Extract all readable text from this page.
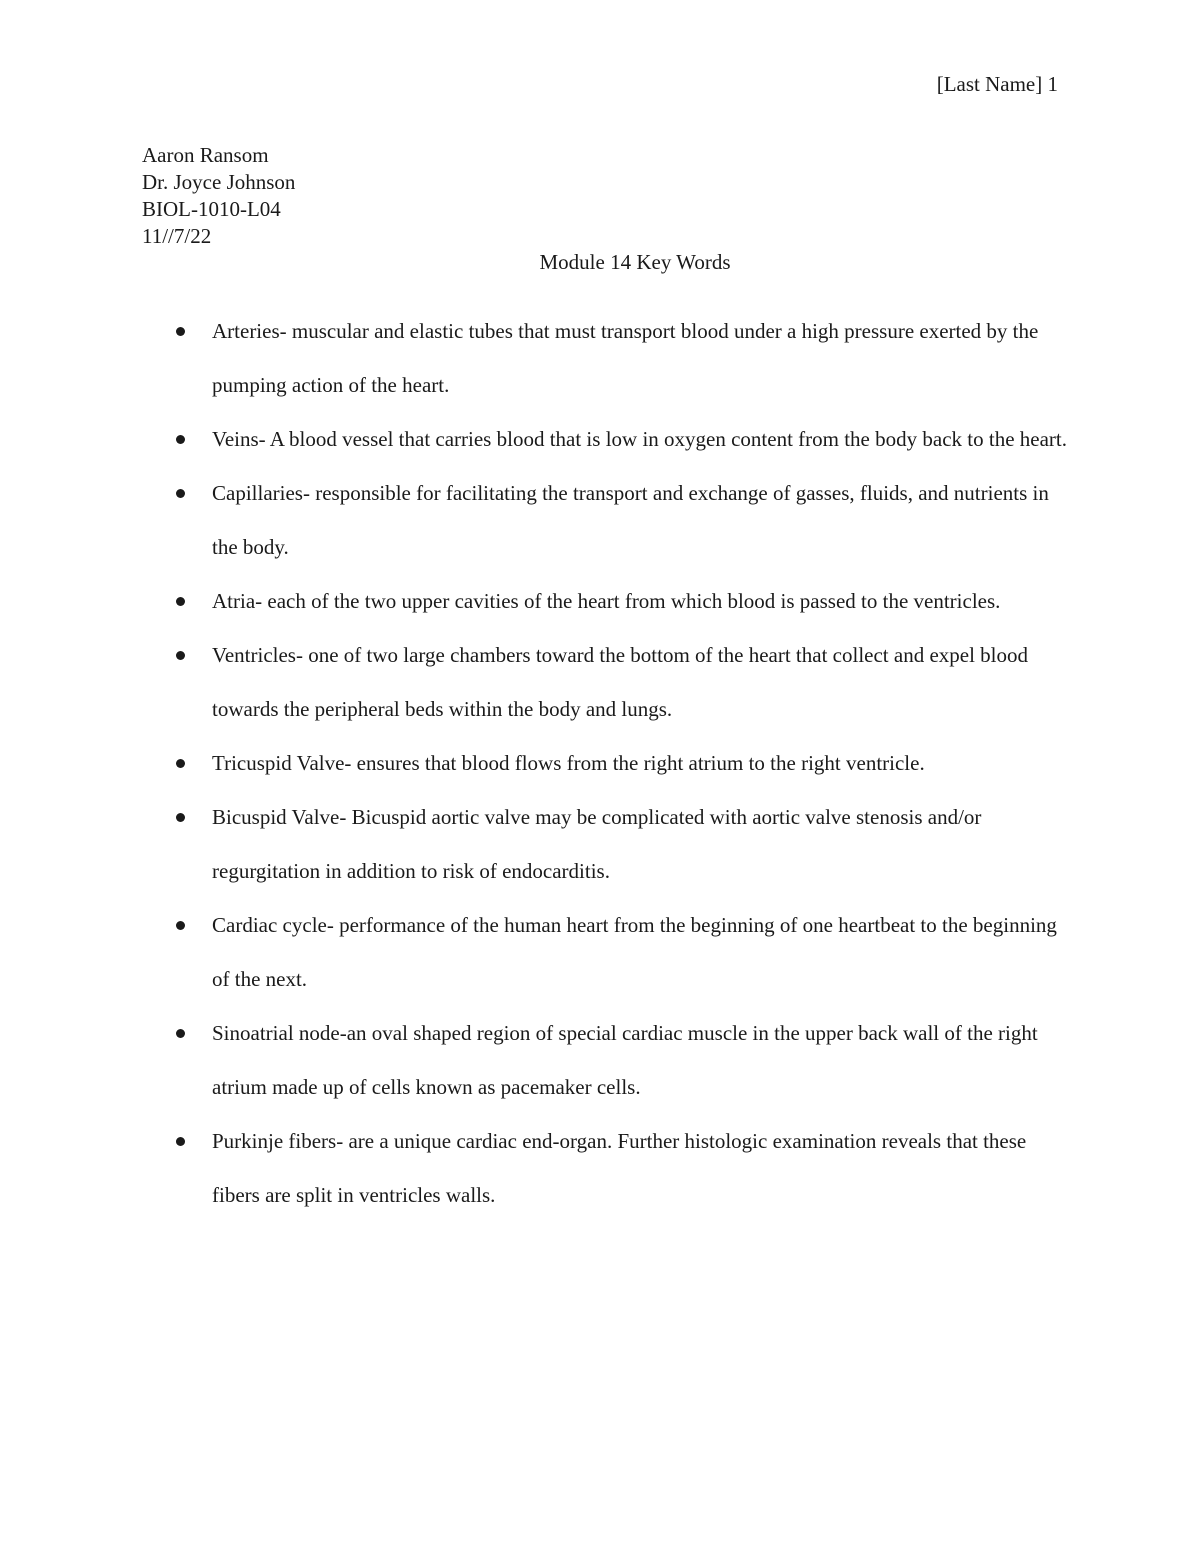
[Last Name] 1
Aaron Ransom
Dr. Joyce Johnson
BIOL-1010-L04
11//7/22
Module 14 Key Words
Arteries- muscular and elastic tubes that must transport blood under a high pressure exerted by the pumping action of the heart.
Veins- A blood vessel that carries blood that is low in oxygen content from the body back to the heart.
Capillaries- responsible for facilitating the transport and exchange of gasses, fluids, and nutrients in the body.
Atria- each of the two upper cavities of the heart from which blood is passed to the ventricles.
Ventricles- one of two large chambers toward the bottom of the heart that collect and expel blood towards the peripheral beds within the body and lungs.
Tricuspid Valve- ensures that blood flows from the right atrium to the right ventricle.
Bicuspid Valve- Bicuspid aortic valve may be complicated with aortic valve stenosis and/or regurgitation in addition to risk of endocarditis.
Cardiac cycle- performance of the human heart from the beginning of one heartbeat to the beginning of the next.
Sinoatrial node-an oval shaped region of special cardiac muscle in the upper back wall of the right atrium made up of cells known as pacemaker cells.
Purkinje fibers- are a unique cardiac end-organ. Further histologic examination reveals that these fibers are split in ventricles walls.
